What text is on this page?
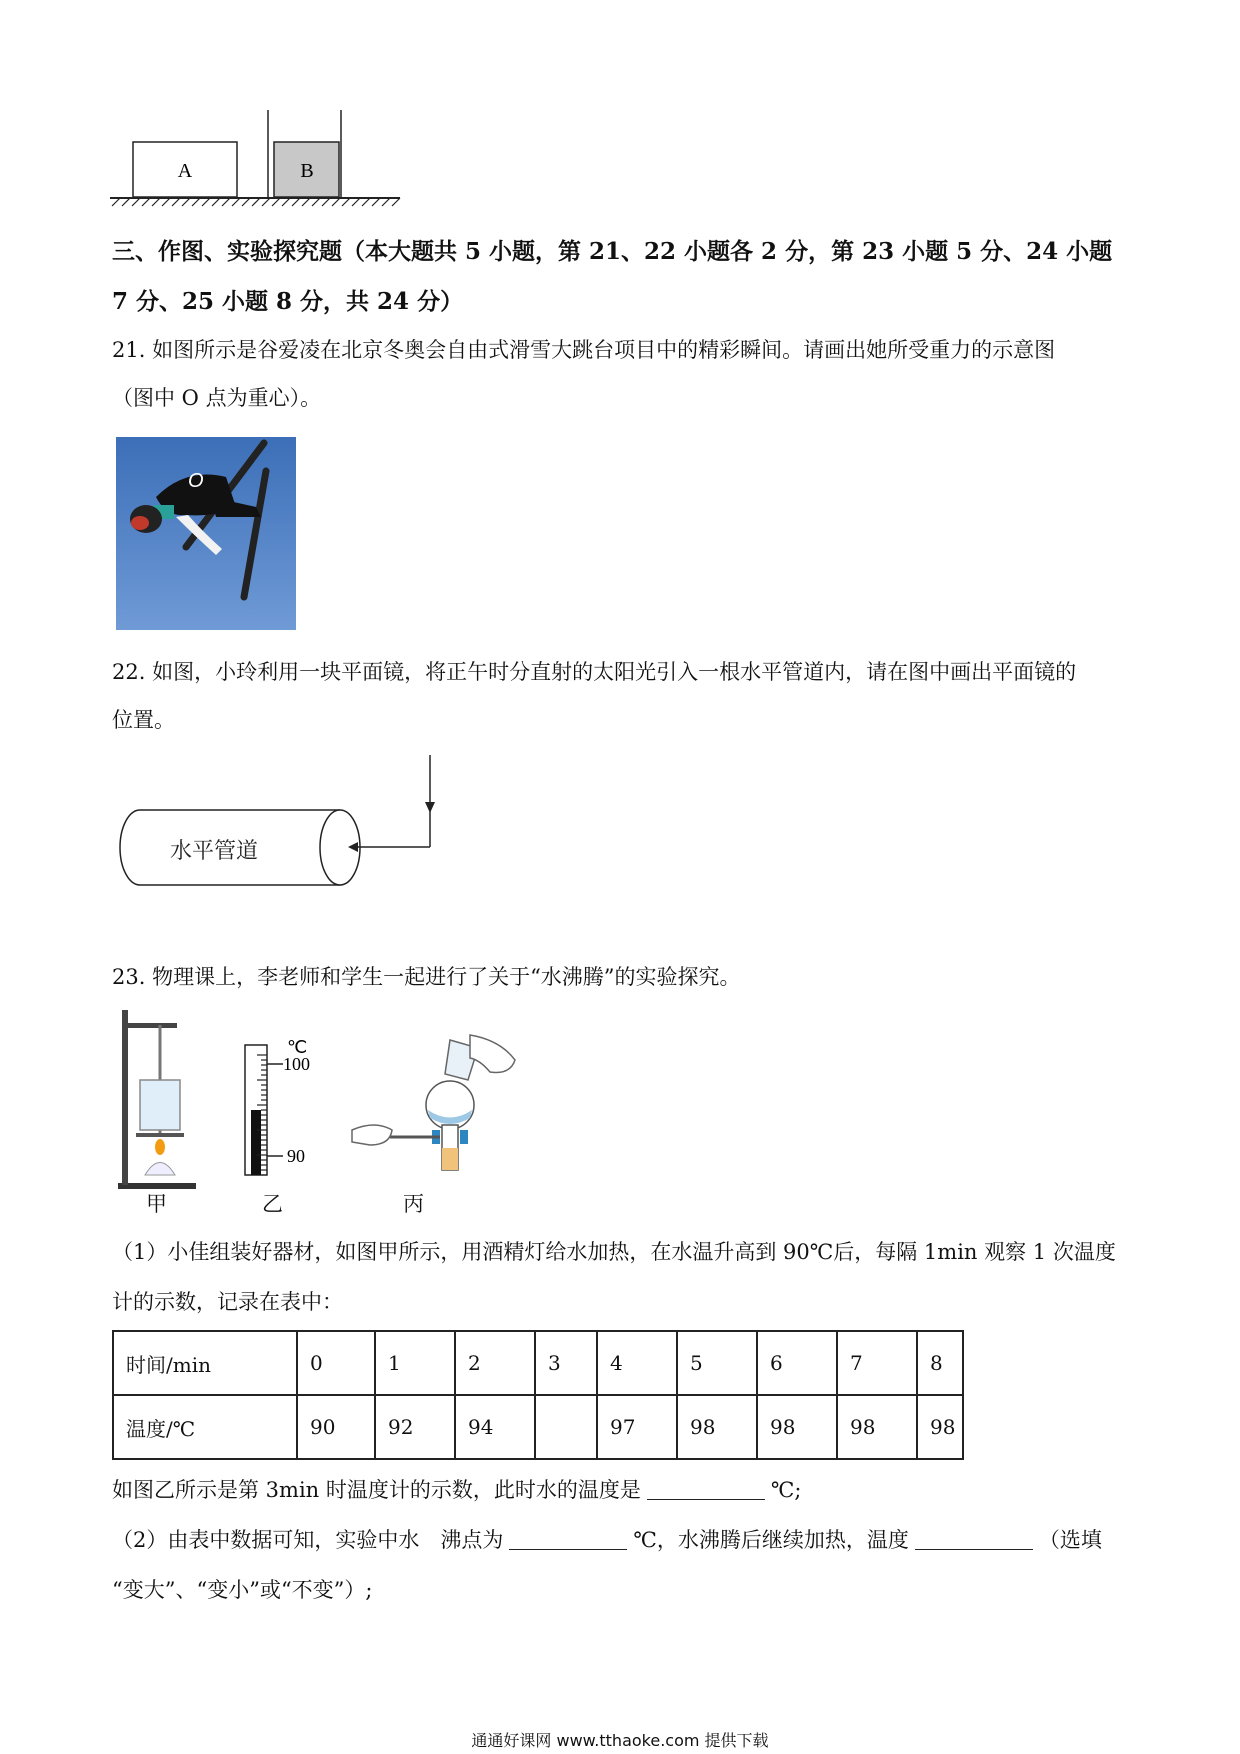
A	B
三、作图、实验探究题（本大题共 5 小题，第 21、22 小题各 2 分，第 23 小题 5 分、24 小题
7 分、25 小题 8 分，共 24 分）
21. 如图所示是谷爱凌在北京冬奥会自由式滑雪大跳台项目中的精彩瞬间。请画出她所受重力的示意图
（图中 O 点为重心）。
O
22. 如图，小玲利用一块平面镜，将正午时分直射的太阳光引入一根水平管道内，请在图中画出平面镜的
位置。
水平管道
23. 物理课上，李老师和学生一起进行了关于“水沸腾”的实验探究。
甲
℃
100
90
乙	丙
（1）小佳组装好器材，如图甲所示，用酒精灯给水加热，在水温升高到 90℃后，每隔 1min 观察 1 次温度
计的示数，记录在表中：
时间/min	0	1	2	3	4	5	6	7	8
温度/℃	90	92	94		97	98	98	98	98
如图乙所示是第 3min 时温度计的示数，此时水的温度是	℃;
（2）由表中数据可知，实验中水　沸点为	℃，水沸腾后继续加热，温度	（选填
“变大”、“变小”或“不变”）;
通通好课网 www.tthaoke.com 提供下载
